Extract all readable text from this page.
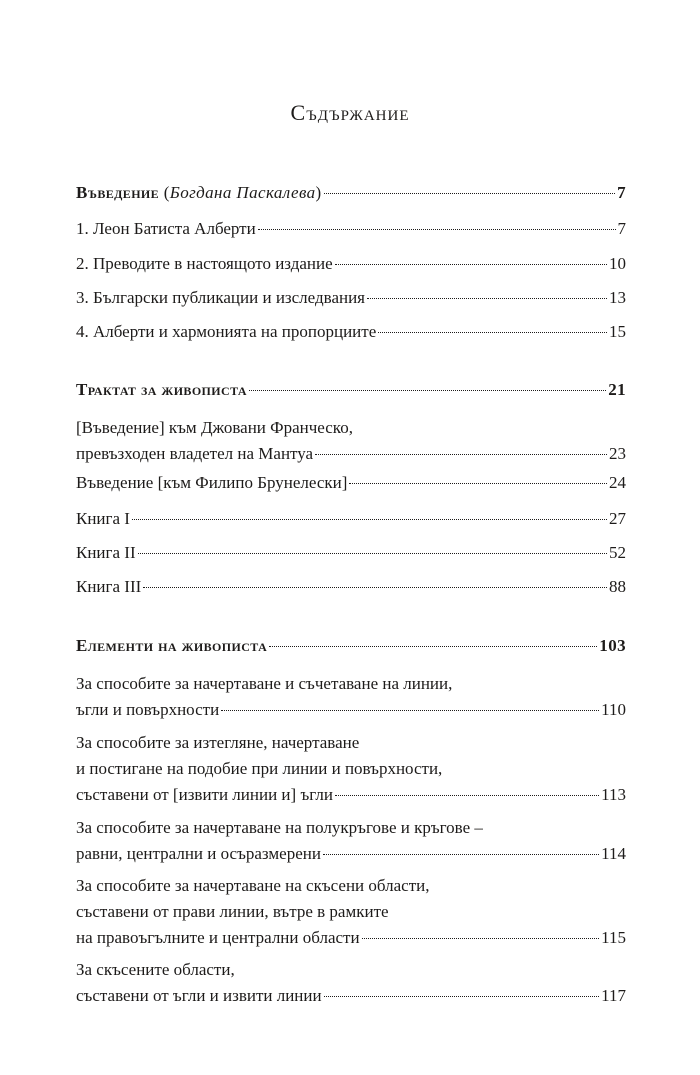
Съдържание
Въведение (Богдана Паскалева)	7
1. Леон Батиста Алберти	7
2. Преводите в настоящото издание	10
3. Български публикации и изследвания	13
4. Алберти и хармонията на пропорциите	15
Трактат за живописта	21
[Въведение] към Джовани Франческо,
превъзходен владетел на Мантуа	23
Въведение [към Филипо Брунелески]	24
Книга I	27
Книга II	52
Книга III	88
Елементи на живописта	103
За способите за начертаване и съчетаване на линии,
ъгли и повърхности	110
За способите за изтегляне, начертаване
и постигане на подобие при линии и повърхности,
съставени от [извити линии и] ъгли	113
За способите за начертаване на полукръгове и кръгове –
равни, централни и осъразмерени	114
За способите за начертаване на скъсени области,
съставени от прави линии, вътре в рамките
на правоъгълните и централни области	115
За скъсените области,
съставени от ъгли и извити линии	117
